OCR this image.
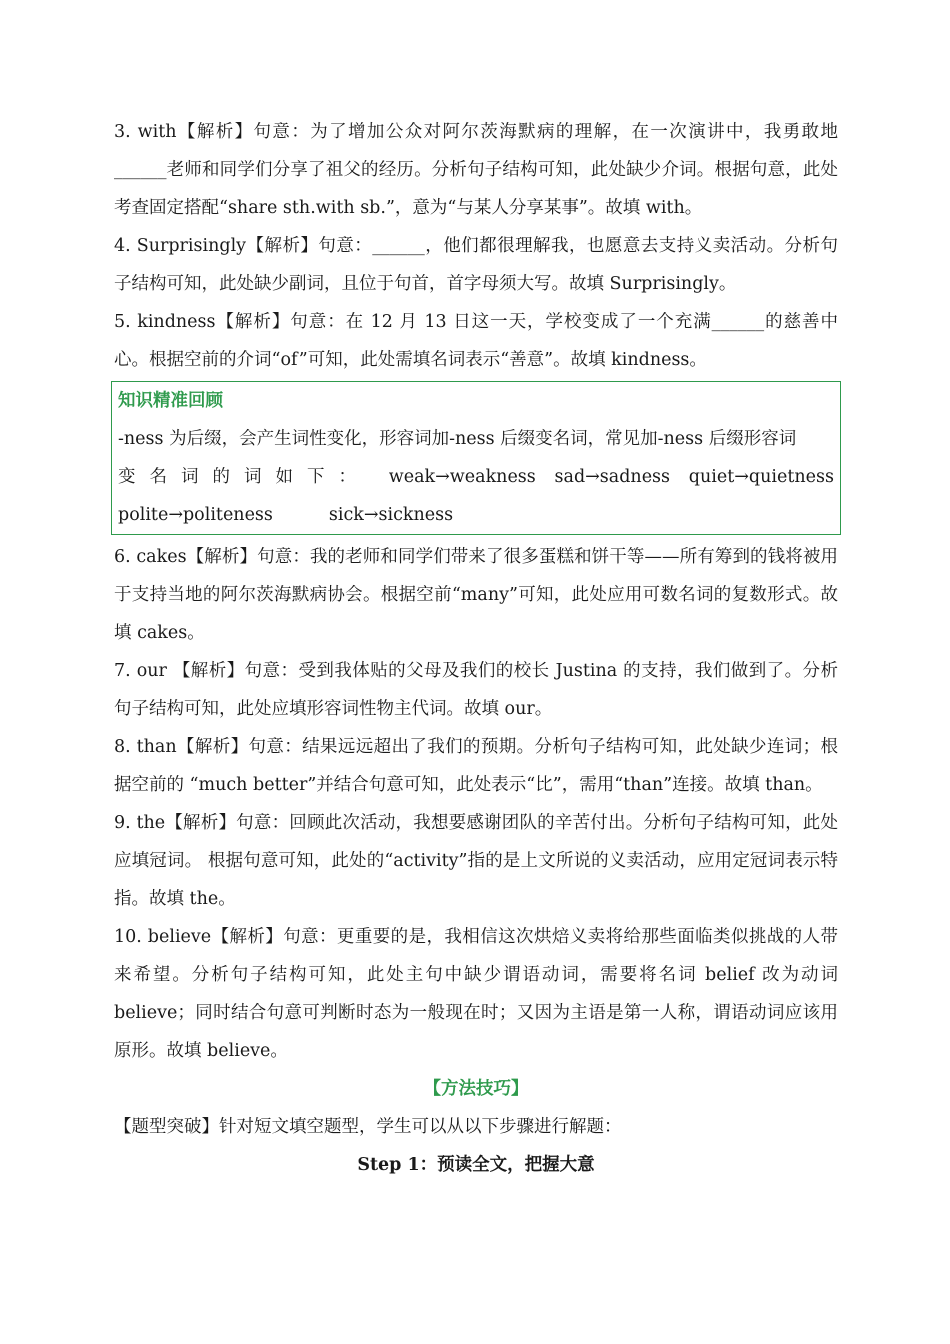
3. with【解析】句意：为了增加公众对阿尔茨海默病的理解，在一次演讲中，我勇敢地______老师和同学们分享了祖父的经历。分析句子结构可知，此处缺少介词。根据句意，此处考查固定搭配“share sth.with sb.”，意为“与某人分享某事”。故填 with。

4. Surprisingly【解析】句意：______，他们都很理解我，也愿意去支持义卖活动。分析句子结构可知，此处缺少副词，且位于句首，首字母须大写。故填 Surprisingly。

5. kindness【解析】句意：在 12 月 13 日这一天，学校变成了一个充满______的慈善中心。根据空前的介词“of”可知，此处需填名词表示“善意”。故填 kindness。

知识精准回顾
-ness 为后缀，会产生词性变化，形容词加-ness 后缀变名词，常见加-ness 后缀形容词
变名词的词如下： weak→weakness sad→sadness quiet→quietness
polite→politeness	sick→sickness

6. cakes【解析】句意：我的老师和同学们带来了很多蛋糕和饼干等——所有筹到的钱将被用于支持当地的阿尔茨海默病协会。根据空前“many”可知，此处应用可数名词的复数形式。故填 cakes。

7. our 【解析】句意：受到我体贴的父母及我们的校长 Justina 的支持，我们做到了。分析句子结构可知，此处应填形容词性物主代词。故填 our。

8. than【解析】句意：结果远远超出了我们的预期。分析句子结构可知，此处缺少连词；根据空前的 “much better”并结合句意可知，此处表示“比”，需用“than”连接。故填 than。

9. the【解析】句意：回顾此次活动，我想要感谢团队的辛苦付出。分析句子结构可知，此处应填冠词。 根据句意可知，此处的“activity”指的是上文所说的义卖活动，应用定冠词表示特指。故填 the。

10. believe【解析】句意：更重要的是，我相信这次烘焙义卖将给那些面临类似挑战的人带来希望。分析句子结构可知，此处主句中缺少谓语动词，需要将名词 belief 改为动词 believe；同时结合句意可判断时态为一般现在时；又因为主语是第一人称，谓语动词应该用原形。故填 believe。

【方法技巧】

【题型突破】针对短文填空题型，学生可以从以下步骤进行解题：

Step 1：预读全文，把握大意
